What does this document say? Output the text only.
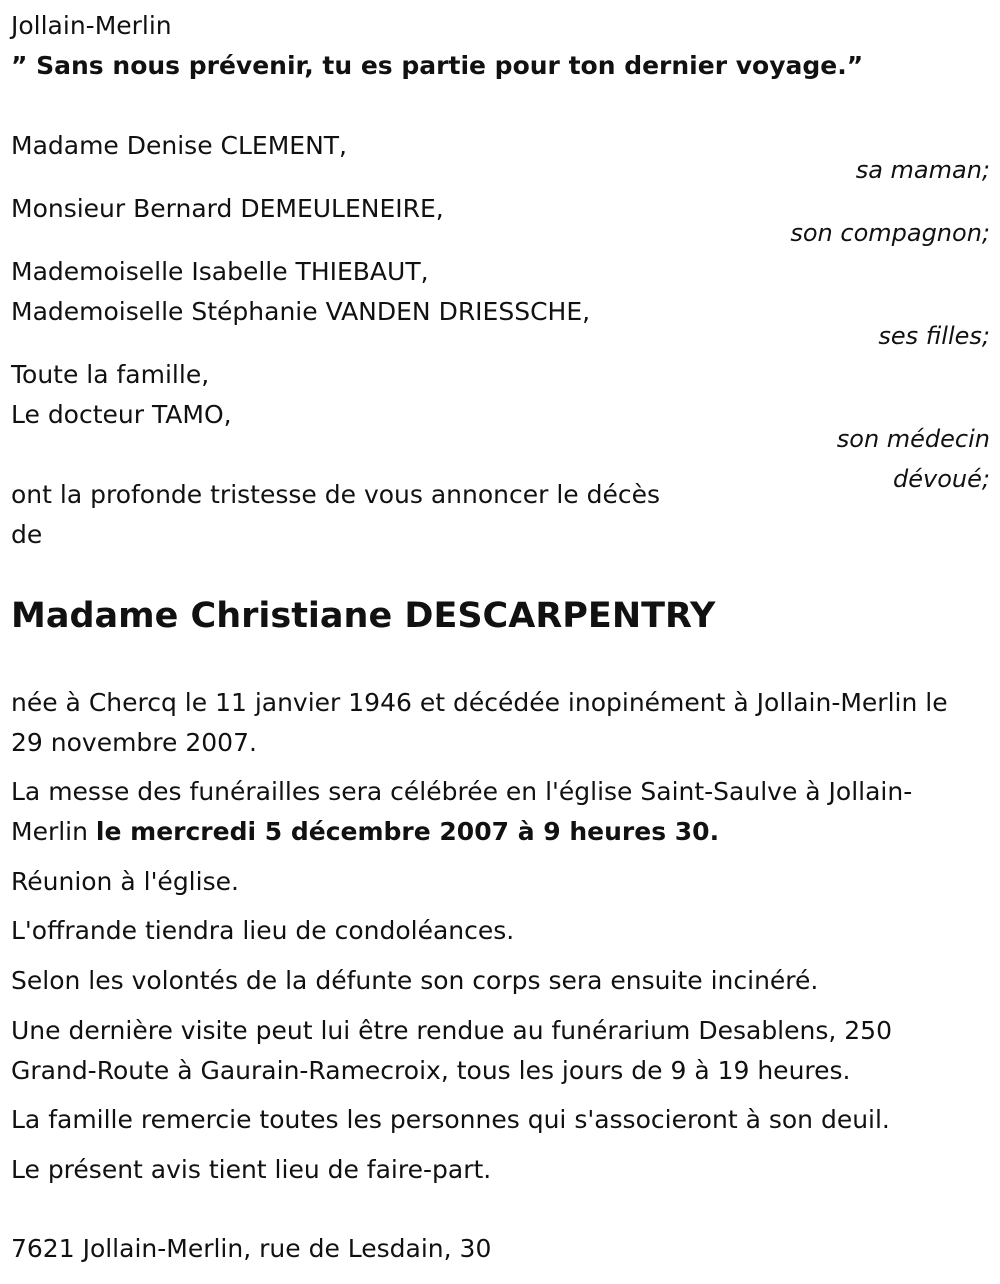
Jollain-Merlin
” Sans nous prévenir, tu es partie pour ton dernier voyage.”
Madame Denise CLEMENT,
sa maman;
Monsieur Bernard DEMEULENEIRE,
son compagnon;
Mademoiselle Isabelle THIEBAUT,
Mademoiselle Stéphanie VANDEN DRIESSCHE,
ses filles;
Toute la famille,
Le docteur TAMO,
son médecin
dévoué;
ont la profonde tristesse de vous annoncer le décès
de
Madame Christiane DESCARPENTRY
née à Chercq le 11 janvier 1946 et décédée inopinément à Jollain-Merlin le 29 novembre 2007.
La messe des funérailles sera célébrée en l'église Saint-Saulve à Jollain-Merlin le mercredi 5 décembre 2007 à 9 heures 30.
Réunion à l'église.
L'offrande tiendra lieu de condoléances.
Selon les volontés de la défunte son corps sera ensuite incinéré.
Une dernière visite peut lui être rendue au funérarium Desablens, 250 Grand-Route à Gaurain-Ramecroix, tous les jours de 9 à 19 heures.
La famille remercie toutes les personnes qui s'associeront à son deuil.
Le présent avis tient lieu de faire-part.
7621 Jollain-Merlin, rue de Lesdain, 30
